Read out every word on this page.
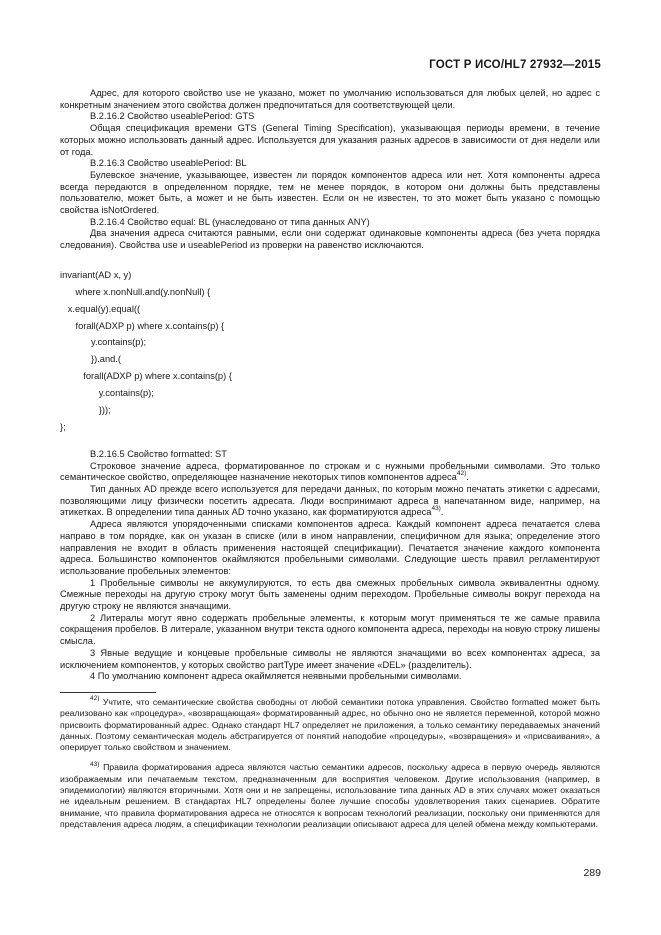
ГОСТ Р ИСО/HL7 27932—2015

Адрес, для которого свойство use не указано, может по умолчанию использоваться для любых целей, но адрес с конкретным значением этого свойства должен предпочитаться для соответствующей цели.

B.2.16.2 Свойство useablePeriod: GTS

Общая спецификация времени GTS (General Timing Specification), указывающая периоды времени, в течение которых можно использовать данный адрес. Используется для указания разных адресов в зависимости от дня недели или от года.

B.2.16.3 Свойство useablePeriod: BL

Булевское значение, указывающее, известен ли порядок компонентов адреса или нет. Хотя компоненты адреса всегда передаются в определенном порядке, тем не менее порядок, в котором они должны быть представлены пользователю, может быть, а может и не быть известен. Если он не известен, то это может быть указано с помощью свойства isNotOrdered.

B.2.16.4 Свойство equal: BL (унаследовано от типа данных ANY)

Два значения адреса считаются равными, если они содержат одинаковые компоненты адреса (без учета порядка следования). Свойства use и useablePeriod из проверки на равенство исключаются.

invariant(AD x, y)
where x.nonNull.and(y.nonNull) {
x.equal(y).equal((
forall(ADXP p) where x.contains(p) {
y.contains(p);
}).and.(
forall(ADXP p) where x.contains(p) {
y.contains(p);
}));
};

B.2.16.5 Свойство formatted: ST

Строковое значение адреса, форматированное по строкам и с нужными пробельными символами. Это только семантическое свойство, определяющее назначение некоторых типов компонентов адреса$^{42)}$.

Тип данных AD прежде всего используется для передачи данных, по которым можно печатать этикетки с адресами, позволяющими лицу физически посетить адресата. Люди воспринимают адреса в напечатанном виде, например, на этикетках. В определении типа данных AD точно указано, как форматируются адреса$^{43)}$.

Адреса являются упорядоченными списками компонентов адреса. Каждый компонент адреса печатается слева направо в том порядке, как он указан в списке (или в ином направлении, специфичном для языка; определение этого направления не входит в область применения настоящей спецификации). Печатается значение каждого компонента адреса. Большинство компонентов окаймляются пробельными символами. Следующие шесть правил регламентируют использование пробельных элементов:

1 Пробельные символы не аккумулируются, то есть два смежных пробельных символа эквивалентны одному. Смежные переходы на другую строку могут быть заменены одним переходом. Пробельные символы вокруг перехода на другую строку не являются значащими.

2 Литералы могут явно содержать пробельные элементы, к которым могут применяться те же самые правила сокращения пробелов. В литерале, указанном внутри текста одного компонента адреса, переходы на новую строку лишены смысла.

3 Явные ведущие и концевые пробельные символы не являются значащими во всех компонентах адреса, за исключением компонентов, у которых свойство partType имеет значение «DEL» (разделитель).

4 По умолчанию компонент адреса окаймляется неявными пробельными символами.

$^{42)}$ Учтите, что семантические свойства свободны от любой семантики потока управления. Свойство formatted может быть реализовано как «процедура», «возвращающая» форматированный адрес, но обычно оно не является переменной, которой можно присвоить форматированный адрес. Однако стандарт HL7 определяет не приложения, а только семантику передаваемых значений данных. Поэтому семантическая модель абстрагируется от понятий наподобие «процедуры», «возвращения» и «присваивания», а оперирует только свойством и значением.

$^{43)}$ Правила форматирования адреса являются частью семантики адресов, поскольку адреса в первую очередь являются изображаемым или печатаемым текстом, предназначенным для восприятия человеком. Другие использования (например, в эпидемиологии) являются вторичными. Хотя они и не запрещены, использование типа данных AD в этих случаях может оказаться не идеальным решением. В стандартах HL7 определены более лучшие способы удовлетворения таких сценариев. Обратите внимание, что правила форматирования адреса не относятся к вопросам технологий реализации, поскольку они применяются для представления адреса людям, а спецификации технологии реализации описывают адреса для целей обмена между компьютерами.

289
